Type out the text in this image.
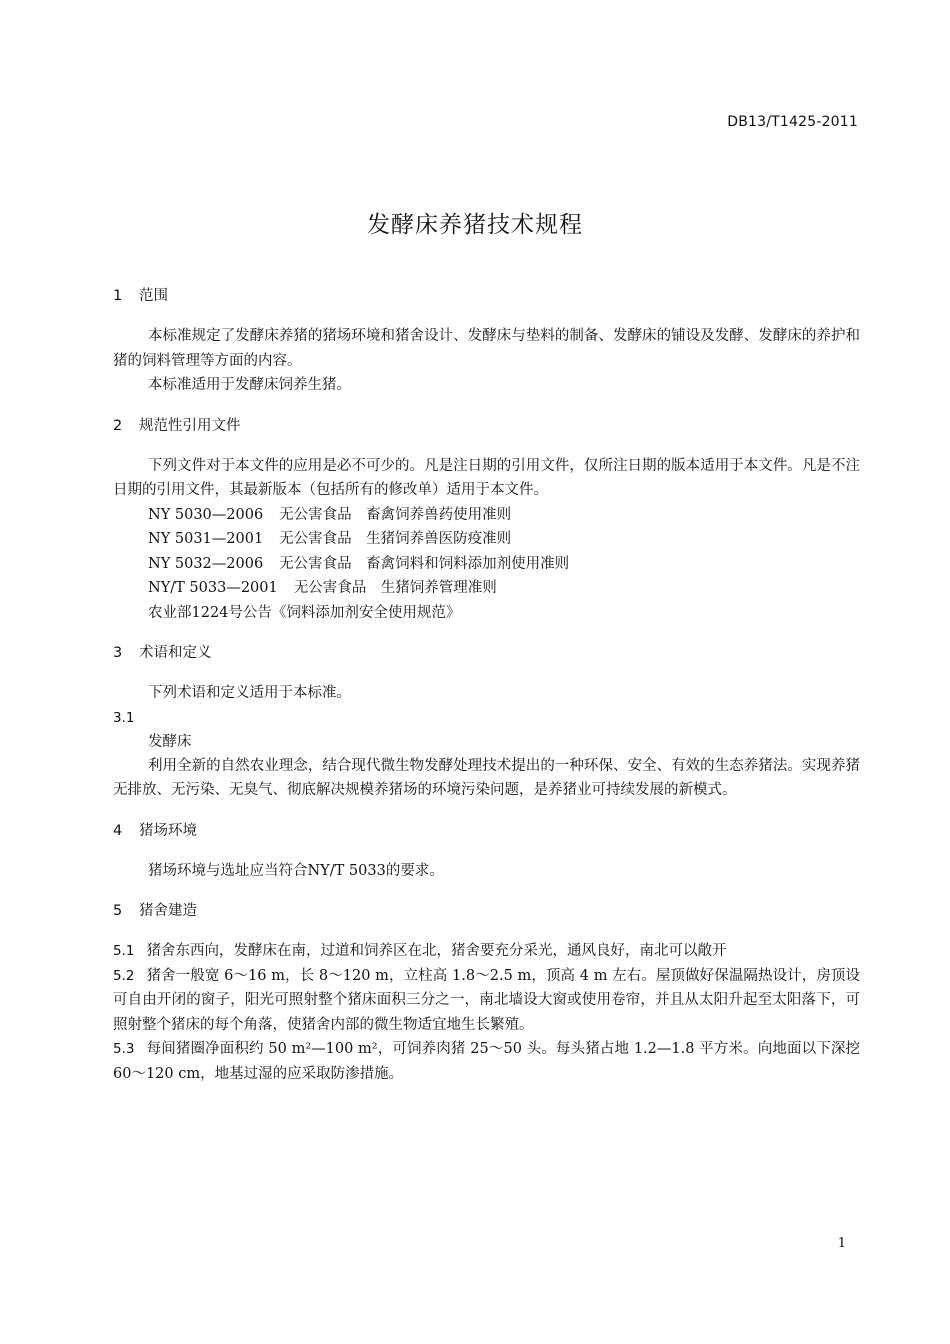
DB13/T1425-2011
发酵床养猪技术规程
1 范围
本标准规定了发酵床养猪的猪场环境和猪舍设计、发酵床与垫料的制备、发酵床的铺设及发酵、发酵床的养护和猪的饲料管理等方面的内容。
本标准适用于发酵床饲养生猪。
2 规范性引用文件
下列文件对于本文件的应用是必不可少的。凡是注日期的引用文件，仅所注日期的版本适用于本文件。凡是不注日期的引用文件，其最新版本（包括所有的修改单）适用于本文件。
NY 5030—2006 无公害食品　畜禽饲养兽药使用准则
NY 5031—2001 无公害食品　生猪饲养兽医防疫准则
NY 5032—2006 无公害食品　畜禽饲料和饲料添加剂使用准则
NY/T 5033—2001 无公害食品　生猪饲养管理准则
农业部1224号公告《饲料添加剂安全使用规范》
3 术语和定义
下列术语和定义适用于本标准。
3.1
发酵床
利用全新的自然农业理念，结合现代微生物发酵处理技术提出的一种环保、安全、有效的生态养猪法。实现养猪无排放、无污染、无臭气、彻底解决规模养猪场的环境污染问题，是养猪业可持续发展的新模式。
4 猪场环境
猪场环境与选址应当符合NY/T 5033的要求。
5 猪舍建造
5.1 猪舍东西向，发酵床在南，过道和饲养区在北，猪舍要充分采光，通风良好，南北可以敞开
5.2 猪舍一般宽 6～16 m，长 8～120 m，立柱高 1.8～2.5 m，顶高 4 m 左右。屋顶做好保温隔热设计，房顶设可自由开闭的窗子，阳光可照射整个猪床面积三分之一，南北墙设大窗或使用卷帘，并且从太阳升起至太阳落下，可照射整个猪床的每个角落，使猪舍内部的微生物适宜地生长繁殖。
5.3 每间猪圈净面积约 50 m²—100 m²，可饲养肉猪 25～50 头。每头猪占地 1.2—1.8 平方米。向地面以下深挖 60～120 cm，地基过湿的应采取防渗措施。
1
